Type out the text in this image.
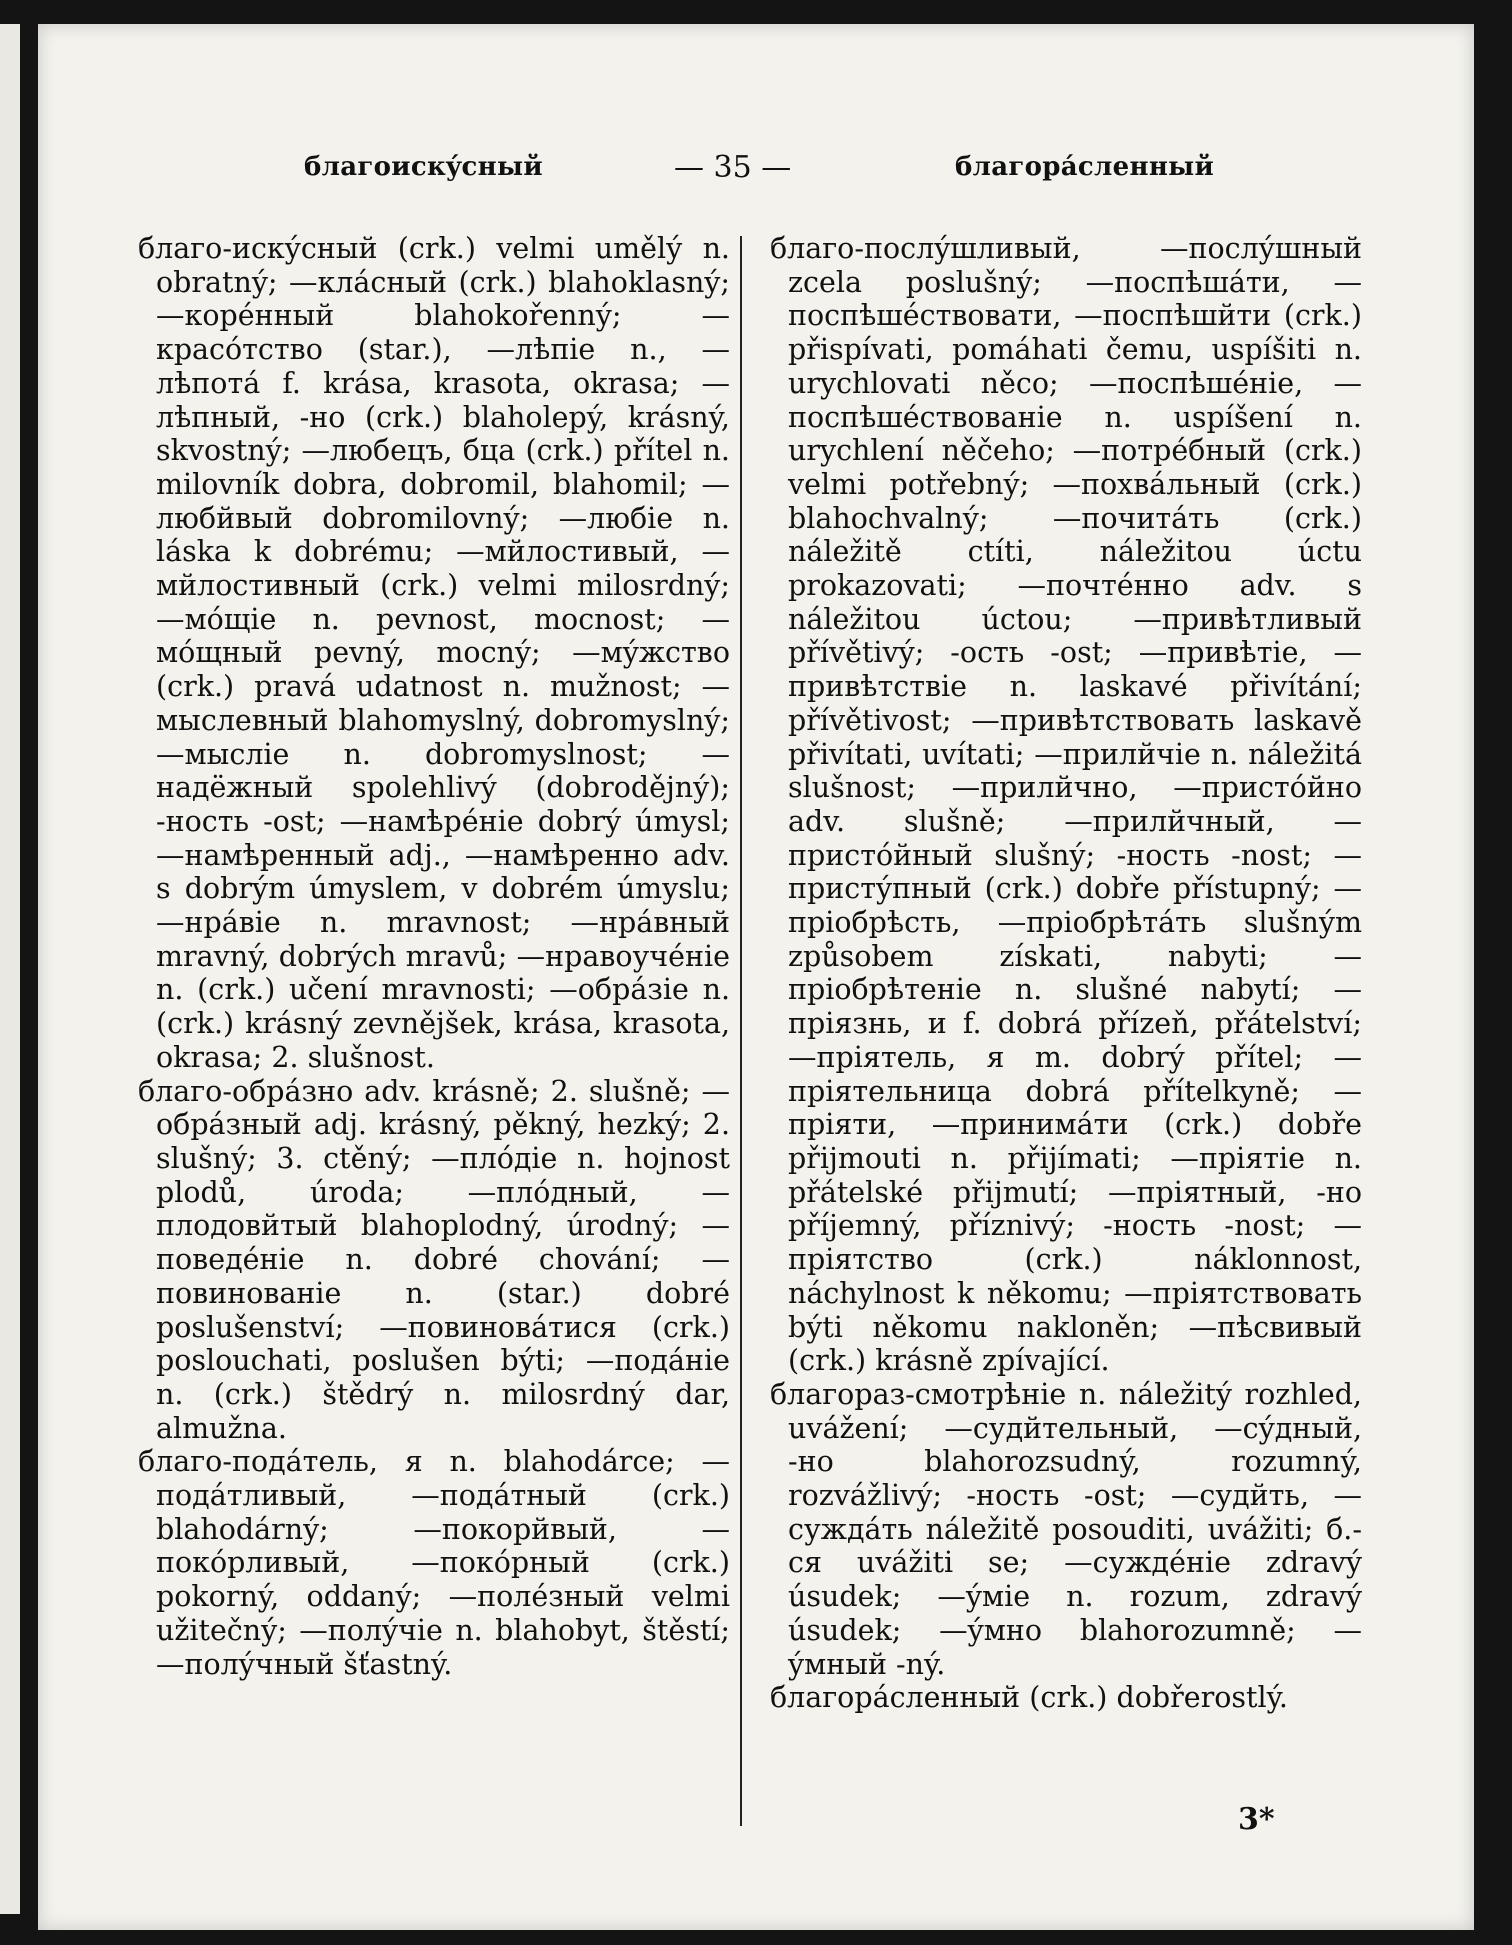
благоискýсный	— 35 —	благорáсленный

благо-искýсный (crk.) velmi umělý n. obratný; —клáсный (crk.) blahoklasný; —корéнный blahokořenný; —красóтство (star.), —лѣпіе n., —лѣпотá f. krása, krasota, okrasa; —лѣпный, -но (crk.) blaholepý, krásný, skvostný; —любецъ, бца (crk.) přítel n. milovník dobra, dobromil, blahomil; —любйвый dobromilovný; —любіе n. láska k dobrému; —мйлостивый, —мйлостивный (crk.) velmi milosrdný; —мóщіе n. pevnost, mocnost; —мóщный pevný, mocný; —мýжство (crk.) pravá udatnost n. mužnost; —мыслевный blahomyslný, dobromyslný; —мыслie n. dobromyslnost; —надёжный spolehlivý (dobrodějný); -ность -ost; —намѣрéніе dobrý úmysl; —намѣренный adj., —намѣренно adv. s dobrým úmyslem, v dobrém úmyslu; —нрáвіе n. mravnost; —нрáвный mravný, dobrých mravů; —нравоучéніе n. (crk.) učení mravnosti; —обрáзіе n. (crk.) krásný zevnějšek, krása, krasota, okrasa; 2. slušnost.

благо-обрáзно adv. krásně; 2. slušně; —обрáзный adj. krásný, pěkný, hezký; 2. slušný; 3. ctěný; —плóдіе n. hojnost plodů, úroda; —плóдный, —плодовйтый blahoplodný, úrodný; —поведéніе n. dobré chování; —повинованіе n. (star.) dobré poslušenství; —повиновáтися (crk.) poslouchati, poslušen býti; —подáніе n. (crk.) štědrý n. milosrdný dar, almužna.

благо-подáтель, я n. blahodárce; —подáтливый, —подáтный (crk.) blahodárný; —покорйвый, —покóрливый, —покóрный (crk.) pokorný, oddaný; —полéзный velmi užitečný; —полýчіе n. blahobyt, štěstí; —полýчный šťastný.

благо-послýшливый, —послýшный zcela poslušný; —поспѣшáти, —поспѣшéствовати, —поспѣшйти (crk.) přispívati, pomáhati čemu, uspíšiti n. urychlovati něco; —поспѣшéніе, —поспѣшéствованіе n. uspíšení n. urychlení něčeho; —потрéбный (crk.) velmi potřebný; —похвáльный (crk.) blahochvalný; —почитáть (crk.) náležitě ctíti, náležitou úctu prokazovati; —почтéнно adv. s náležitou úctou; —привѣтливый přívětivý; -ость -ost; —привѣтіе, —привѣтствіе n. laskavé přivítání; přívětivost; —привѣтствовать laskavě přivítati, uvítati; —прилйчіе n. náležitá slušnost; —прилйчно, —пристóйно adv. slušně; —прилйчный, —пристóйный slušný; -ность -nost; —пристýпный (crk.) dobře přístupný; —пріобрѣсть, —пріобрѣтáть slušným způsobem získati, nabyti; —пріобрѣтеніе n. slušné nabytí; —пріязнь, и f. dobrá přízeň, přátelství; —пріятель, я m. dobrý přítel; —пріятельница dobrá přítelkyně; —пріяти, —принимáти (crk.) dobře přijmouti n. přijímati; —пріятіе n. přátelské přijmutí; —пріятный, -но příjemný, příznivý; -ность -nost; —пріятство (crk.) náklonnost, náchylnost k někomu; —пріятствовать býti někomu nakloněn; —пѣсвивый (crk.) krásně zpívající.

благораз-смотрѣніе n. náležitý rozhled, uvážení; —судйтельный, —сýдный, -но blahorozsudný, rozumný, rozvážlivý; -ность -ost; —судйть, —суждáть náležitě posouditi, uvážiti; б.-ся uvážiti se; —суждéніе zdravý úsudek; —ýміе n. rozum, zdravý úsudek; —ýмно blahorozumně; —ýмный -ný.

благорáсленный (crk.) dobřerostlý.

3*
